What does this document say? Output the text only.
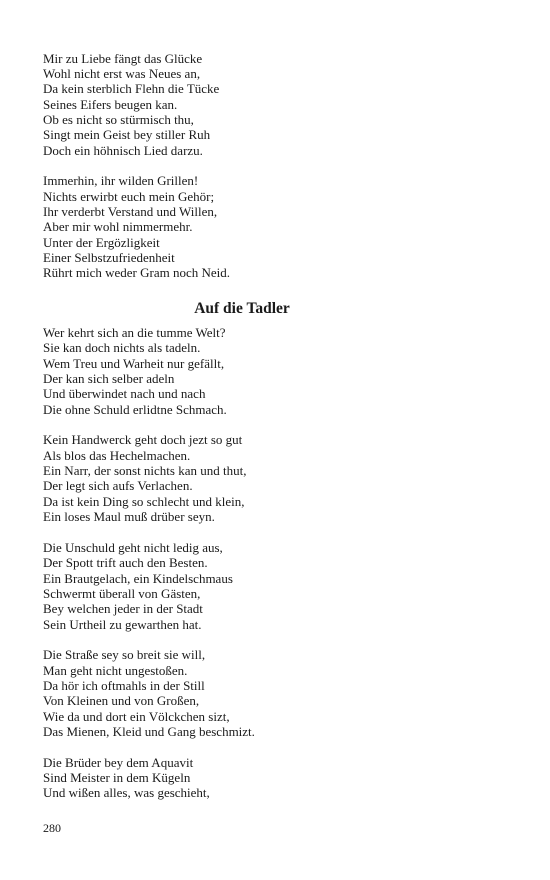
Mir zu Liebe fängt das Glücke
Wohl nicht erst was Neues an,
Da kein sterblich Flehn die Tücke
Seines Eifers beugen kan.
Ob es nicht so stürmisch thu,
Singt mein Geist bey stiller Ruh
Doch ein höhnisch Lied darzu.
Immerhin, ihr wilden Grillen!
Nichts erwirbt euch mein Gehör;
Ihr verderbt Verstand und Willen,
Aber mir wohl nimmermehr.
Unter der Ergözligkeit
Einer Selbstzufriedenheit
Rührt mich weder Gram noch Neid.
Auf die Tadler
Wer kehrt sich an die tumme Welt?
Sie kan doch nichts als tadeln.
Wem Treu und Warheit nur gefällt,
Der kan sich selber adeln
Und überwindet nach und nach
Die ohne Schuld erlidtne Schmach.
Kein Handwerck geht doch jezt so gut
Als blos das Hechelmachen.
Ein Narr, der sonst nichts kan und thut,
Der legt sich aufs Verlachen.
Da ist kein Ding so schlecht und klein,
Ein loses Maul muß drüber seyn.
Die Unschuld geht nicht ledig aus,
Der Spott trift auch den Besten.
Ein Brautgelach, ein Kindelschmaus
Schwermt überall von Gästen,
Bey welchen jeder in der Stadt
Sein Urtheil zu gewarthen hat.
Die Straße sey so breit sie will,
Man geht nicht ungestoßen.
Da hör ich oftmahls in der Still
Von Kleinen und von Großen,
Wie da und dort ein Völckchen sizt,
Das Mienen, Kleid und Gang beschmizt.
Die Brüder bey dem Aquavit
Sind Meister in dem Kügeln
Und wißen alles, was geschieht,
280
